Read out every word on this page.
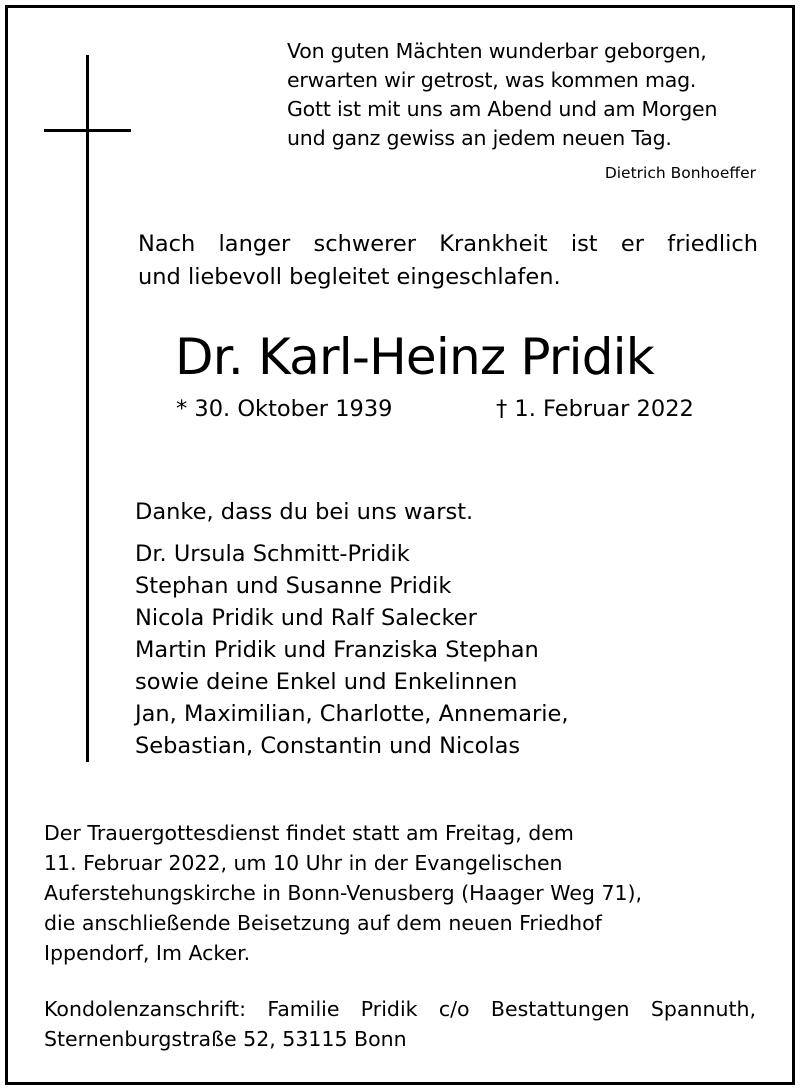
Von guten Mächten wunderbar geborgen,
erwarten wir getrost, was kommen mag.
Gott ist mit uns am Abend und am Morgen
und ganz gewiss an jedem neuen Tag.
Dietrich Bonhoeffer
Nach langer schwerer Krankheit ist er friedlich
und liebevoll begleitet eingeschlafen.
Dr. Karl-Heinz Pridik
* 30. Oktober 1939	† 1. Februar 2022
Danke, dass du bei uns warst.
Dr. Ursula Schmitt-Pridik
Stephan und Susanne Pridik
Nicola Pridik und Ralf Salecker
Martin Pridik und Franziska Stephan
sowie deine Enkel und Enkelinnen
Jan, Maximilian, Charlotte, Annemarie,
Sebastian, Constantin und Nicolas
Der Trauergottesdienst findet statt am Freitag, dem
11. Februar 2022, um 10 Uhr in der Evangelischen
Auferstehungskirche in Bonn-Venusberg (Haager Weg 71),
die anschließende Beisetzung auf dem neuen Friedhof
Ippendorf, Im Acker.
Kondolenzanschrift: Familie Pridik c/o Bestattungen Spannuth,
Sternenburgstraße 52, 53115 Bonn
